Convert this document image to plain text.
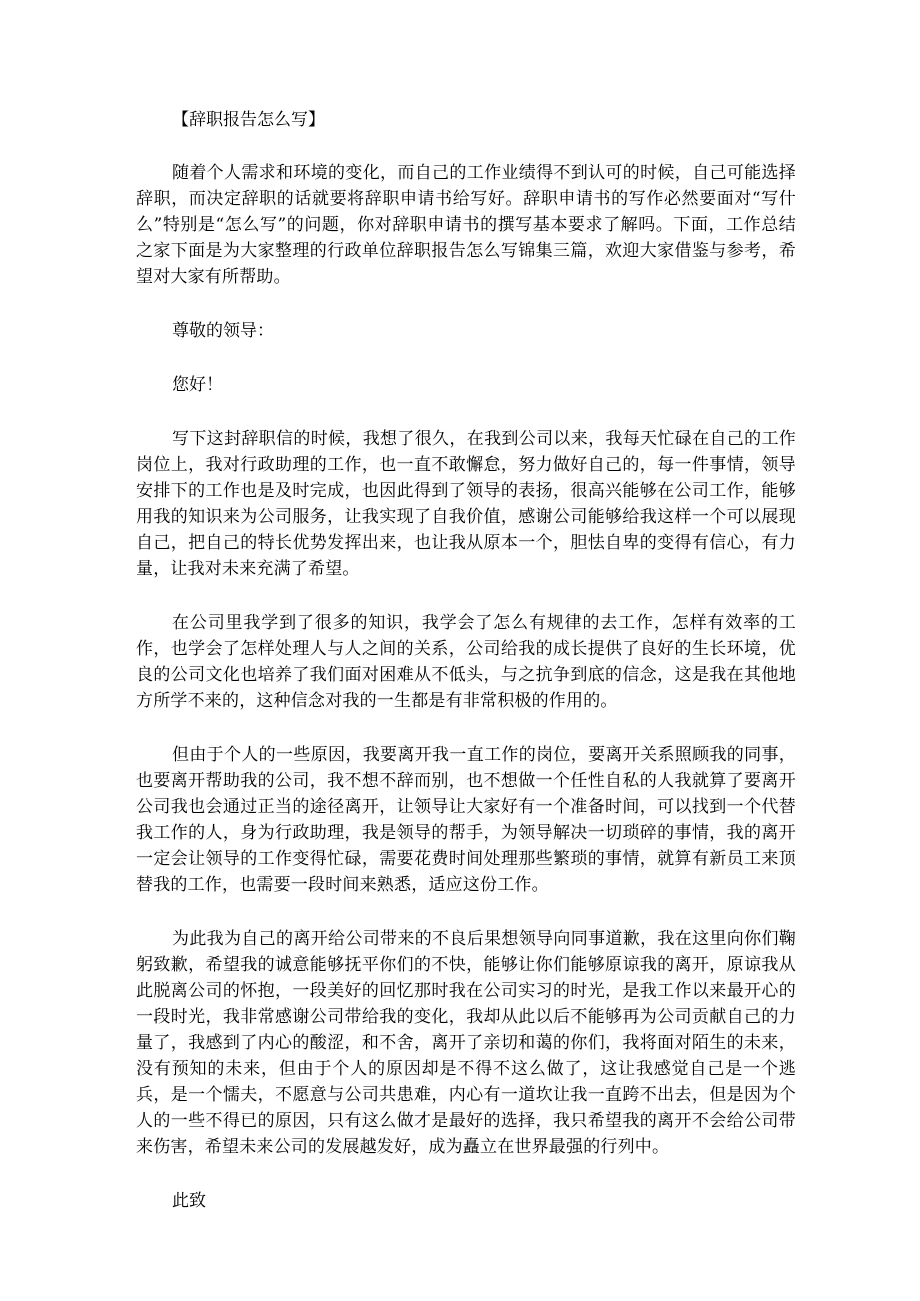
【辞职报告怎么写】

随着个人需求和环境的变化，而自己的工作业绩得不到认可的时候，自己可能选择辞职，而决定辞职的话就要将辞职申请书给写好。辞职申请书的写作必然要面对“写什么”特别是“怎么写”的问题，你对辞职申请书的撰写基本要求了解吗。下面，工作总结之家下面是为大家整理的行政单位辞职报告怎么写锦集三篇，欢迎大家借鉴与参考，希望对大家有所帮助。

尊敬的领导：

您好！

写下这封辞职信的时候，我想了很久，在我到公司以来，我每天忙碌在自己的工作岗位上，我对行政助理的工作，也一直不敢懈怠，努力做好自己的，每一件事情，领导安排下的工作也是及时完成，也因此得到了领导的表扬，很高兴能够在公司工作，能够用我的知识来为公司服务，让我实现了自我价值，感谢公司能够给我这样一个可以展现自己，把自己的特长优势发挥出来，也让我从原本一个，胆怯自卑的变得有信心，有力量，让我对未来充满了希望。

在公司里我学到了很多的知识，我学会了怎么有规律的去工作，怎样有效率的工作，也学会了怎样处理人与人之间的关系，公司给我的成长提供了良好的生长环境，优良的公司文化也培养了我们面对困难从不低头，与之抗争到底的信念，这是我在其他地方所学不来的，这种信念对我的一生都是有非常积极的作用的。

但由于个人的一些原因，我要离开我一直工作的岗位，要离开关系照顾我的同事，也要离开帮助我的公司，我不想不辞而别，也不想做一个任性自私的人我就算了要离开公司我也会通过正当的途径离开，让领导让大家好有一个准备时间，可以找到一个代替我工作的人，身为行政助理，我是领导的帮手，为领导解决一切琐碎的事情，我的离开一定会让领导的工作变得忙碌，需要花费时间处理那些繁琐的事情，就算有新员工来顶替我的工作，也需要一段时间来熟悉，适应这份工作。

为此我为自己的离开给公司带来的不良后果想领导向同事道歉，我在这里向你们鞠躬致歉，希望我的诚意能够抚平你们的不快，能够让你们能够原谅我的离开，原谅我从此脱离公司的怀抱，一段美好的回忆那时我在公司实习的时光，是我工作以来最开心的一段时光，我非常感谢公司带给我的变化，我却从此以后不能够再为公司贡献自己的力量了，我感到了内心的酸涩，和不舍，离开了亲切和蔼的你们，我将面对陌生的未来，没有预知的未来，但由于个人的原因却是不得不这么做了，这让我感觉自己是一个逃兵，是一个懦夫，不愿意与公司共患难，内心有一道坎让我一直跨不出去，但是因为个人的一些不得已的原因，只有这么做才是最好的选择，我只希望我的离开不会给公司带来伤害，希望未来公司的发展越发好，成为矗立在世界最强的行列中。

此致
